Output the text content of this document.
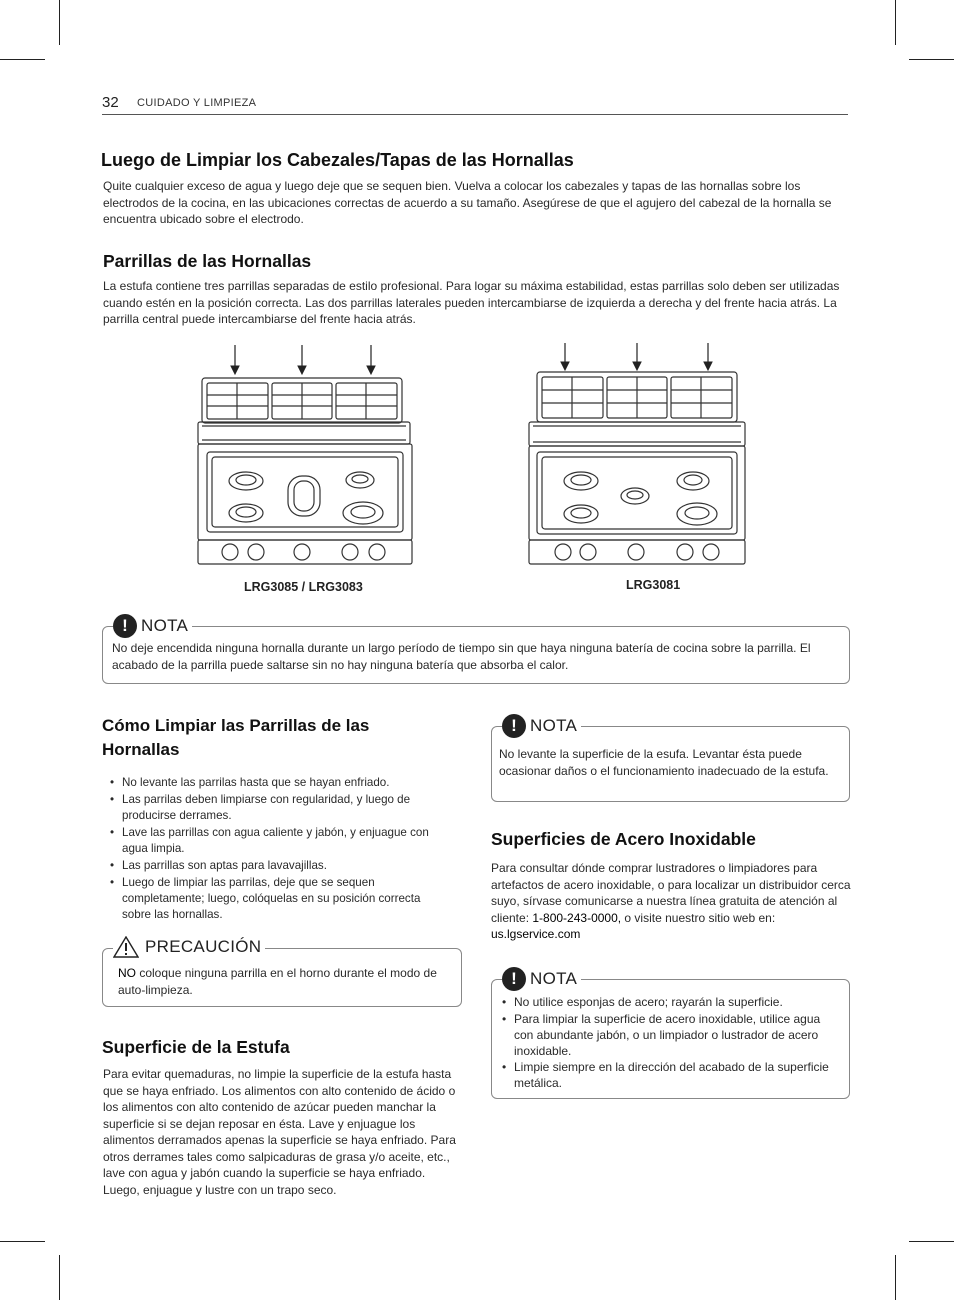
32 CUIDADO Y LIMPIEZA
Luego de Limpiar los Cabezales/Tapas de las Hornallas

Quite cualquier exceso de agua y luego deje que se sequen bien. Vuelva a colocar los cabezales y tapas de las hornallas sobre los electrodos de la cocina, en las ubicaciones correctas de acuerdo a su tamaño. Asegúrese de que el agujero del cabezal de la hornalla se encuentra ubicado sobre el electrodo.

Parrillas de las Hornallas

La estufa contiene tres parrillas separadas de estilo profesional. Para logar su máxima estabilidad, estas parrillas solo deben ser utilizadas cuando estén en la posición correcta. Las dos parrillas laterales pueden intercambiarse de izquierda a derecha y del frente hacia atrás. La parrilla central puede intercambiarse del frente hacia atrás.

LRG3085 / LRG3083	LRG3081
! NOTA

No deje encendida ninguna hornalla durante un largo período de tiempo sin que haya ninguna batería de cocina sobre la parrilla. El acabado de la parrilla puede saltarse sin no hay ninguna batería que absorba el calor.

Cómo Limpiar las Parrillas de las Hornallas
• No levante las parrilas hasta que se hayan enfriado.
• Las parrilas deben limpiarse con regularidad, y luego de producirse derrames.
• Lave las parrillas con agua caliente y jabón, y enjuague con agua limpia.
• Las parrillas son aptas para lavavajillas.
• Luego de limpiar las parrilas, deje que se sequen completamente; luego, colóquelas en su posición correcta sobre las hornallas.
PRECAUCIÓN

NO coloque ninguna parrilla en el horno durante el modo de auto-limpieza.

Superficie de la Estufa

Para evitar quemaduras, no limpie la superficie de la estufa hasta que se haya enfriado. Los alimentos con alto contenido de ácido o los alimentos con alto contenido de azúcar pueden manchar la superficie si se dejan reposar en ésta. Lave y enjuague los alimentos derramados apenas la superficie se haya enfriado. Para otros derrames tales como salpicaduras de grasa y/o aceite, etc., lave con agua y jabón cuando la superficie se haya enfriado. Luego, enjuague y lustre con un trapo seco.

! NOTA

No levante la superficie de la esufa. Levantar ésta puede ocasionar daños o el funcionamiento inadecuado de la estufa.

Superficies de Acero Inoxidable

Para consultar dónde comprar lustradores o limpiadores para artefactos de acero inoxidable, o para localizar un distribuidor cerca suyo, sírvase comunicarse a nuestra línea gratuita de atención al cliente: 1-800-243-0000, o visite nuestro sitio web en: us.lgservice.com

! NOTA
• No utilice esponjas de acero; rayarán la superficie.
• Para limpiar la superficie de acero inoxidable, utilice agua con abundante jabón, o un limpiador o lustrador de acero inoxidable.
• Limpie siempre en la dirección del acabado de la superficie metálica.
